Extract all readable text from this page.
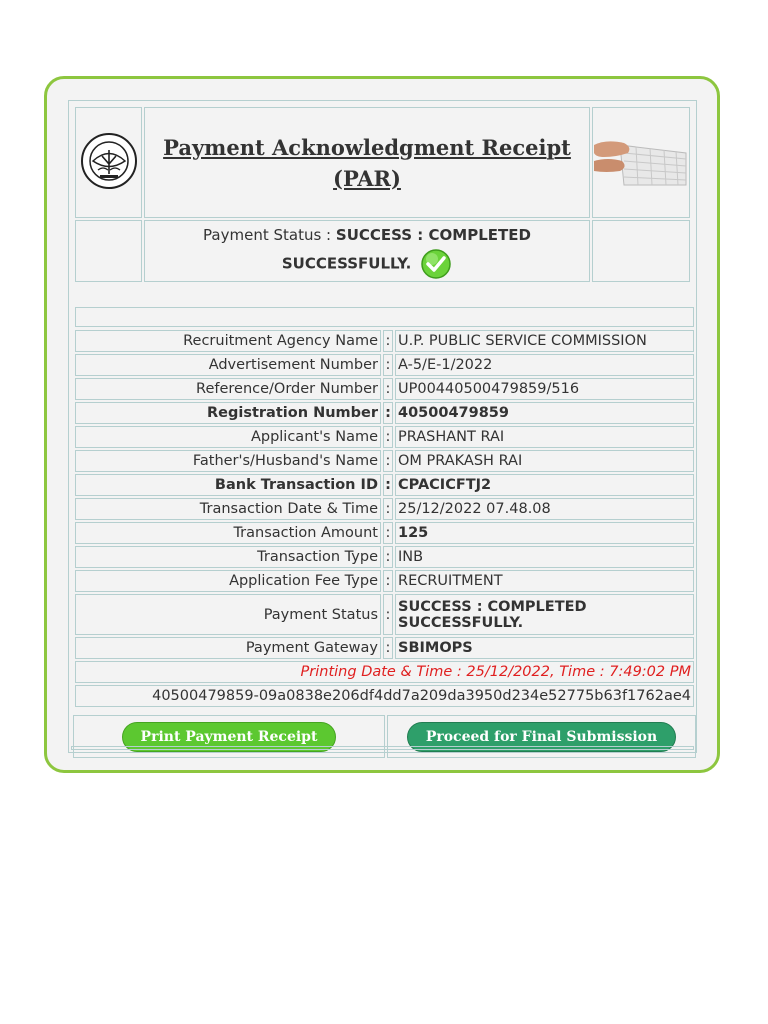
Payment Acknowledgment Receipt

(PAR)

	Payment Status : SUCCESS : COMPLETED
SUCCESSFULLY.	

Recruitment Agency Name	:	U.P. PUBLIC SERVICE COMMISSION
Advertisement Number	:	A-5/E-1/2022
Reference/Order Number	:	UP00440500479859/516
Registration Number	:	40500479859
Applicant's Name	:	PRASHANT RAI
Father's/Husband's Name	:	OM PRAKASH RAI
Bank Transaction ID	:	CPACICFTJ2
Transaction Date & Time	:	25/12/2022 07.48.08
Transaction Amount	:	125
Transaction Type	:	INB
Application Fee Type	:	RECRUITMENT
Payment Status	:	SUCCESS : COMPLETED
SUCCESSFULLY.
Payment Gateway	:	SBIMOPS
Printing Date & Time : 25/12/2022, Time : 7:49:02 PM		
40500479859-09a0838e206df4dd7a209da3950d234e52775b63f1762ae4		
Print Payment Receipt	Proceed for Final Submission
